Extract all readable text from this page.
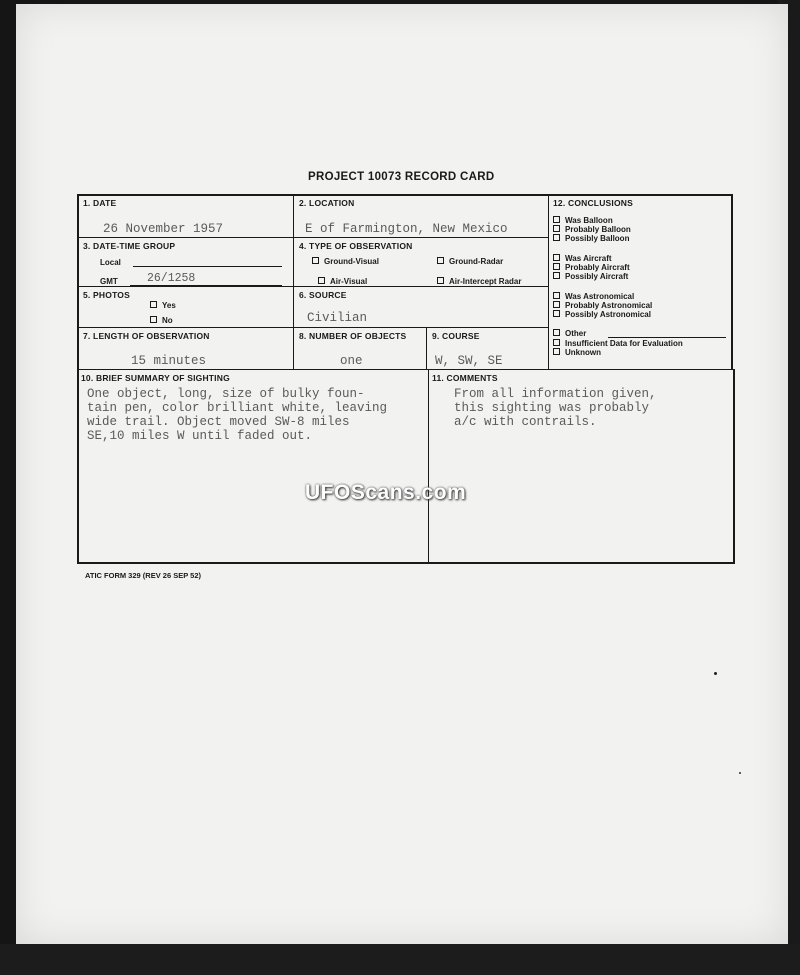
PROJECT 10073 RECORD CARD
1. DATE
26 November 1957
2. LOCATION
E of Farmington, New Mexico
3. DATE-TIME GROUP
Local
GMT	26/1258
4. TYPE OF OBSERVATION
Ground-Visual	Ground-Radar
Air-Visual	Air-Intercept Radar
5. PHOTOS
Yes
No
6. SOURCE
Civilian
7. LENGTH OF OBSERVATION
15 minutes
8. NUMBER OF OBJECTS
one
9. COURSE
W, SW, SE
10. BRIEF SUMMARY OF SIGHTING
One object, long, size of bulky foun-
tain pen, color brilliant white, leaving
wide trail. Object moved SW-8 miles
SE,10 miles W until faded out.
11. COMMENTS
From all information given,
this sighting was probably
a/c with contrails.
12. CONCLUSIONS
Was Balloon
Probably Balloon
Possibly Balloon
Was Aircraft
Probably Aircraft
Possibly Aircraft
Was Astronomical
Probably Astronomical
Possibly Astronomical
Other
Insufficient Data for Evaluation
Unknown
UFOScans.com
ATIC FORM 329 (REV 26 SEP 52)
